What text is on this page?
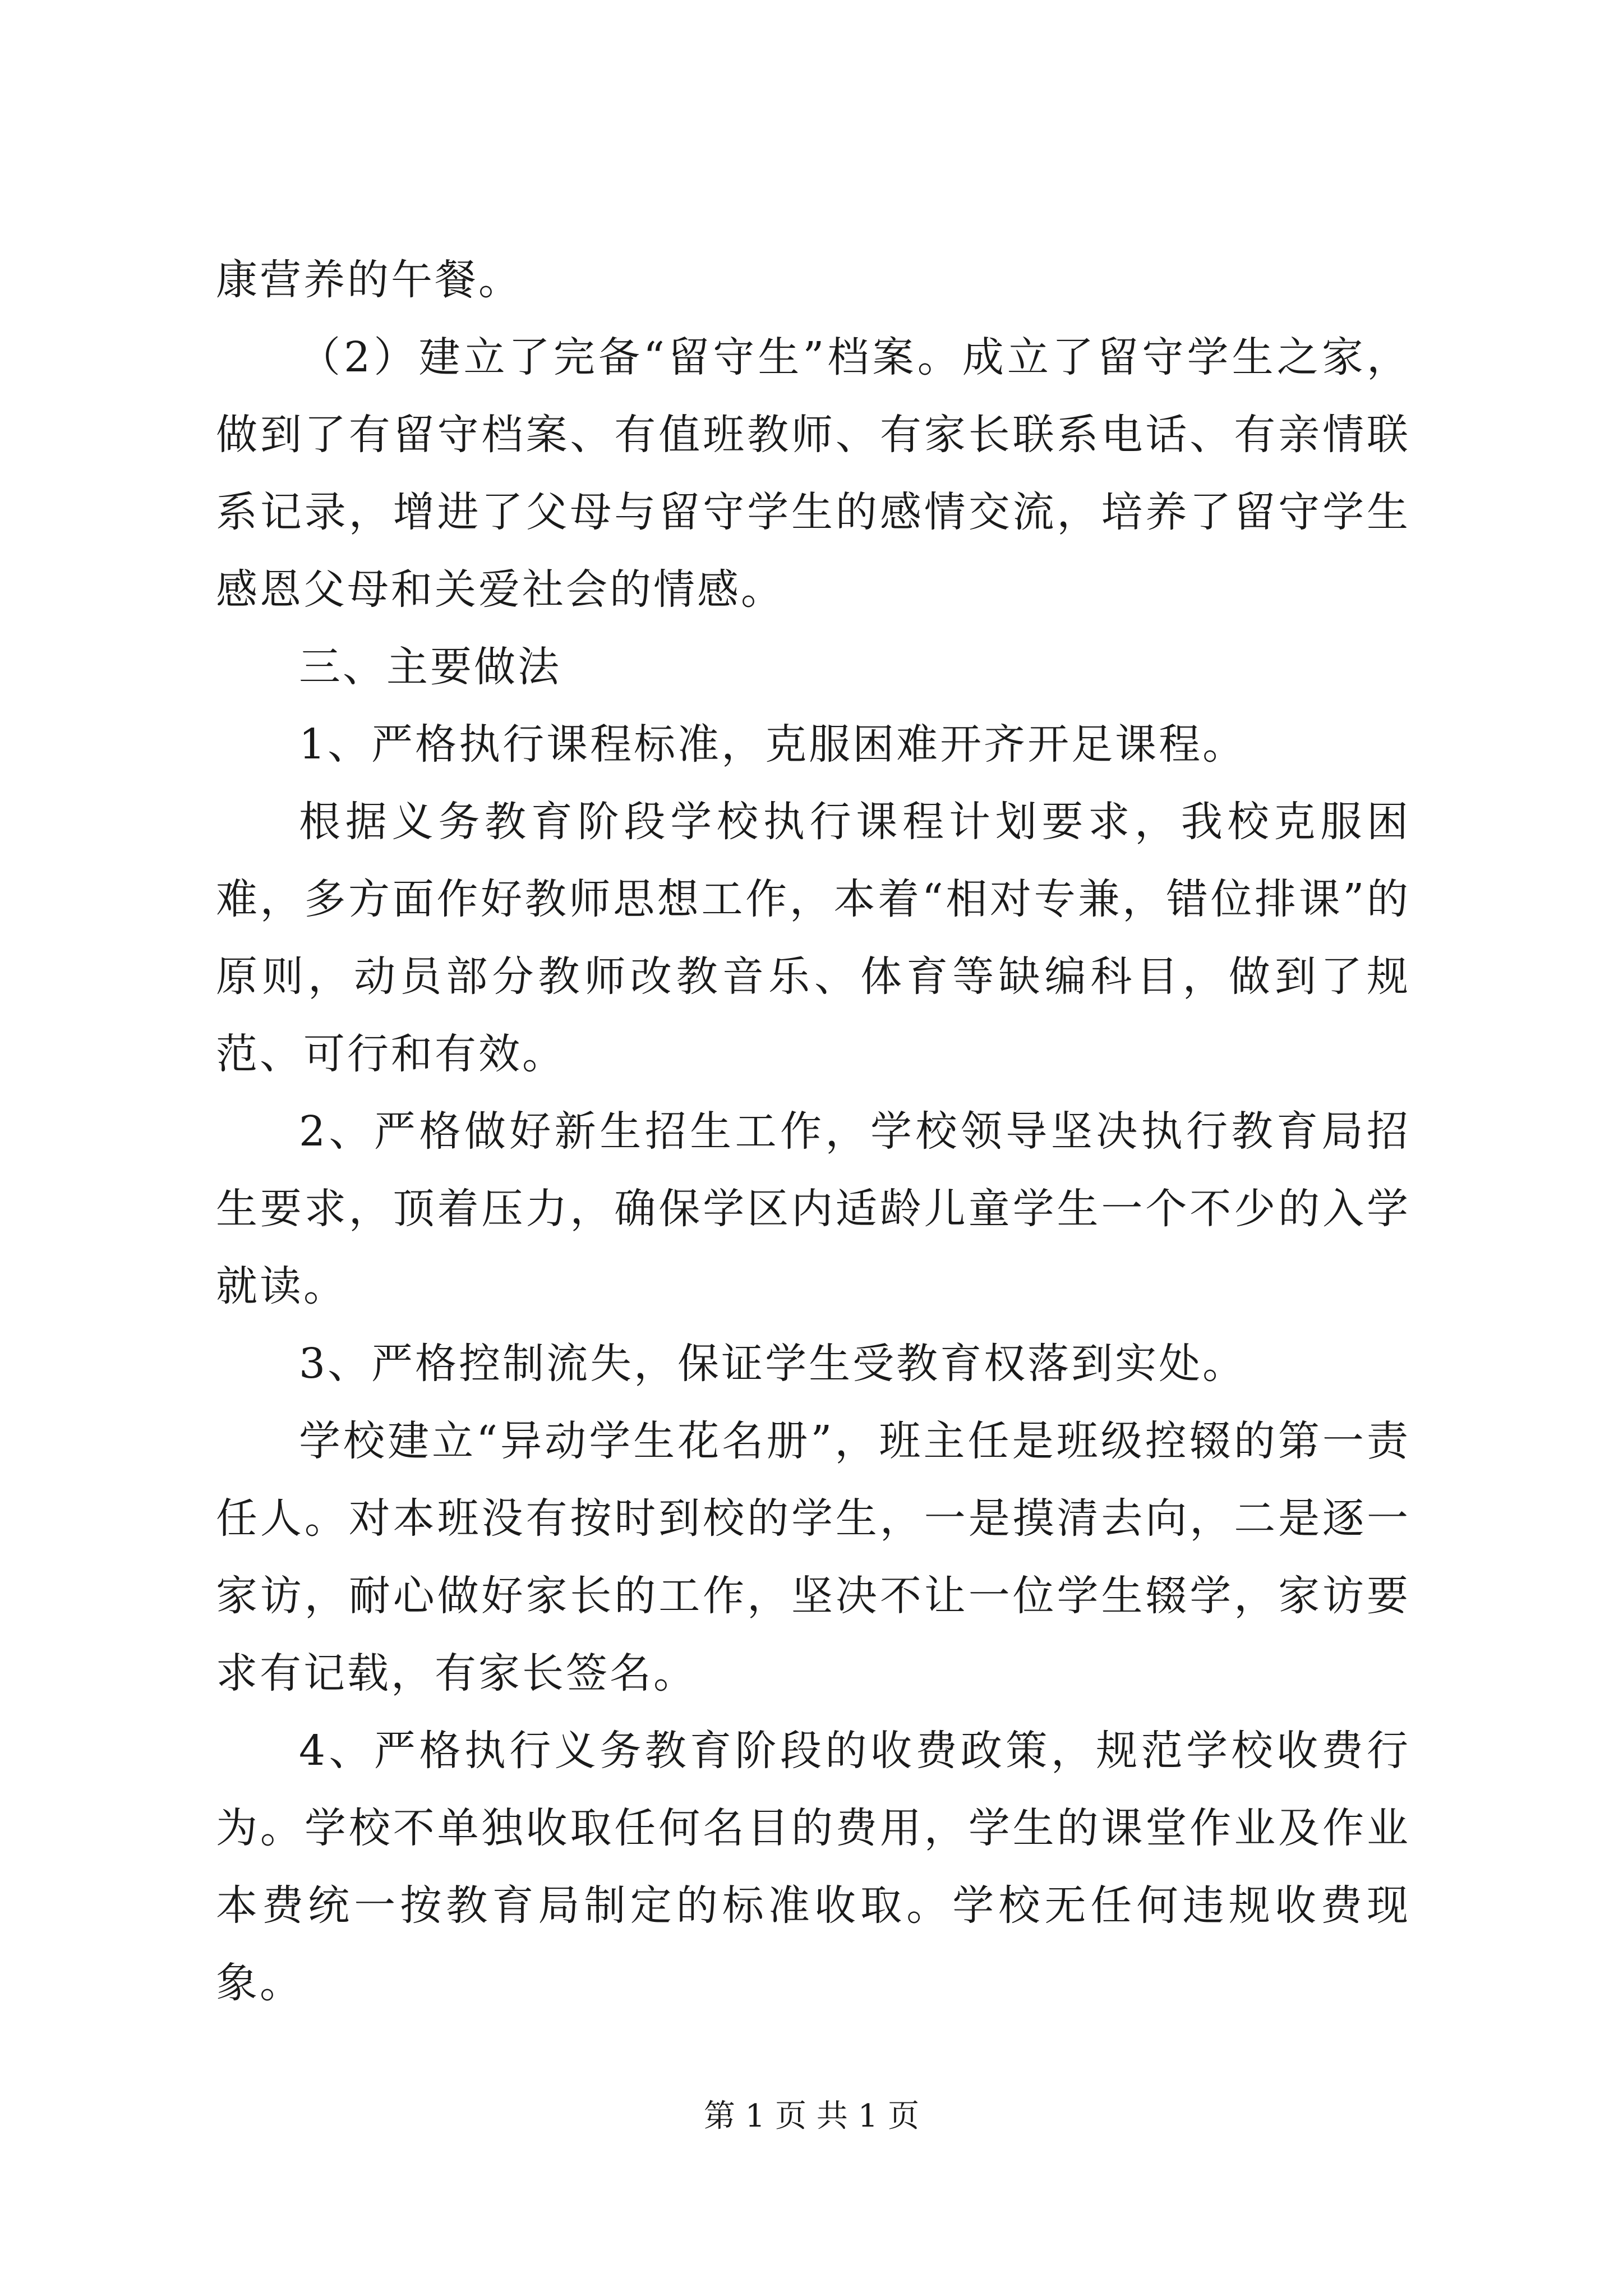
康营养的午餐。

（2）建立了完备“留守生”档案。成立了留守学生之家，做到了有留守档案、有值班教师、有家长联系电话、有亲情联系记录，增进了父母与留守学生的感情交流，培养了留守学生感恩父母和关爱社会的情感。

三、主要做法

1、严格执行课程标准，克服困难开齐开足课程。

根据义务教育阶段学校执行课程计划要求，我校克服困难，多方面作好教师思想工作，本着“相对专兼，错位排课”的原则，动员部分教师改教音乐、体育等缺编科目，做到了规范、可行和有效。

2、严格做好新生招生工作，学校领导坚决执行教育局招生要求，顶着压力，确保学区内适龄儿童学生一个不少的入学就读。

3、严格控制流失，保证学生受教育权落到实处。

学校建立“异动学生花名册”，班主任是班级控辍的第一责任人。对本班没有按时到校的学生，一是摸清去向，二是逐一家访，耐心做好家长的工作，坚决不让一位学生辍学，家访要求有记载，有家长签名。

4、严格执行义务教育阶段的收费政策，规范学校收费行为。学校不单独收取任何名目的费用，学生的课堂作业及作业本费统一按教育局制定的标准收取。学校无任何违规收费现象。

第 1 页 共 1 页
